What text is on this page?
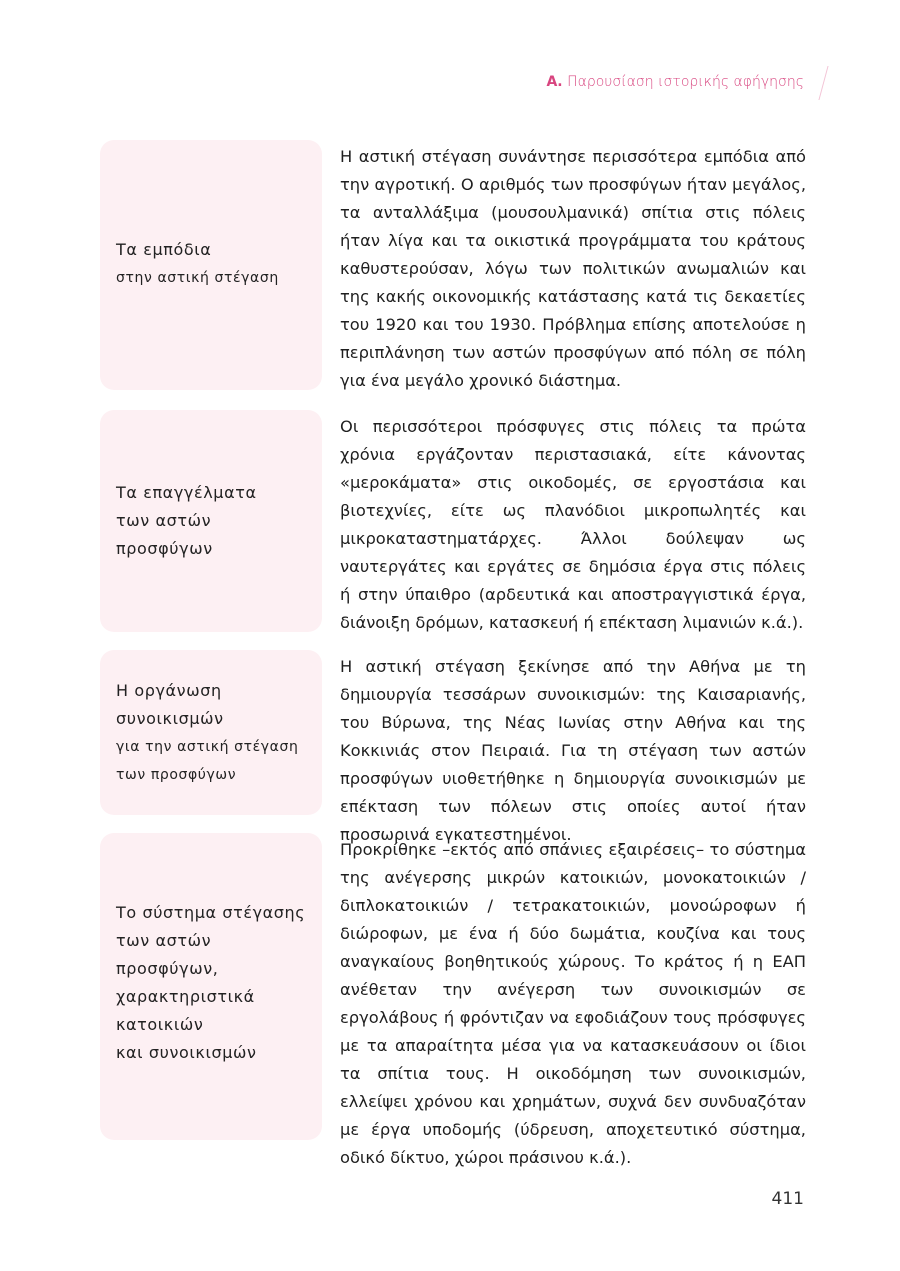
Α. Παρουσίαση ιστορικής αφήγησης
Τα εμπόδια
στην αστική στέγαση

Η αστική στέγαση συνάντησε περισσότερα εμπόδια από την αγροτική. Ο αριθμός των προσφύγων ήταν μεγάλος, τα ανταλλάξιμα (μουσουλμανικά) σπίτια στις πόλεις ήταν λίγα και τα οικιστικά προγράμματα του κράτους καθυστερούσαν, λόγω των πολιτικών ανωμαλιών και της κακής οικονομικής κατάστασης κατά τις δεκαετίες του 1920 και του 1930. Πρόβλημα επίσης αποτελούσε η περιπλάνηση των αστών προσφύγων από πόλη σε πόλη για ένα μεγάλο χρονικό διάστημα.

Τα επαγγέλματα
των αστών
προσφύγων

Οι περισσότεροι πρόσφυγες στις πόλεις τα πρώτα χρόνια εργάζονταν περιστασιακά, είτε κάνοντας «μεροκάματα» στις οικοδομές, σε εργοστάσια και βιοτεχνίες, είτε ως πλανόδιοι μικροπωλητές και μικροκαταστηματάρχες. Άλλοι δούλεψαν ως ναυτεργάτες και εργάτες σε δημόσια έργα στις πόλεις ή στην ύπαιθρο (αρδευτικά και αποστραγγιστικά έργα, διάνοιξη δρόμων, κατασκευή ή επέκταση λιμανιών κ.ά.).

Η οργάνωση
συνοικισμών
για την αστική στέγαση
των προσφύγων

Η αστική στέγαση ξεκίνησε από την Αθήνα με τη δημιουργία τεσσάρων συνοικισμών: της Καισαριανής, του Βύρωνα, της Νέας Ιωνίας στην Αθήνα και της Κοκκινιάς στον Πειραιά. Για τη στέγαση των αστών προσφύγων υιοθετήθηκε η δημιουργία συνοικισμών με επέκταση των πόλεων στις οποίες αυτοί ήταν προσωρινά εγκατεστημένοι.

Το σύστημα στέγασης
των αστών
προσφύγων,
χαρακτηριστικά
κατοικιών
και συνοικισμών

Προκρίθηκε –εκτός από σπάνιες εξαιρέσεις– το σύστημα της ανέγερσης μικρών κατοικιών, μονοκατοικιών / διπλοκατοικιών / τετρακατοικιών, μονοώροφων ή διώροφων, με ένα ή δύο δωμάτια, κουζίνα και τους αναγκαίους βοηθητικούς χώρους. Το κράτος ή η ΕΑΠ ανέθεταν την ανέγερση των συνοικισμών σε εργολάβους ή φρόντιζαν να εφοδιάζουν τους πρόσφυγες με τα απαραίτητα μέσα για να κατασκευάσουν οι ίδιοι τα σπίτια τους. Η οικοδόμηση των συνοικισμών, ελλείψει χρόνου και χρημάτων, συχνά δεν συνδυαζόταν με έργα υποδομής (ύδρευση, αποχετευτικό σύστημα, οδικό δίκτυο, χώροι πράσινου κ.ά.).

411
